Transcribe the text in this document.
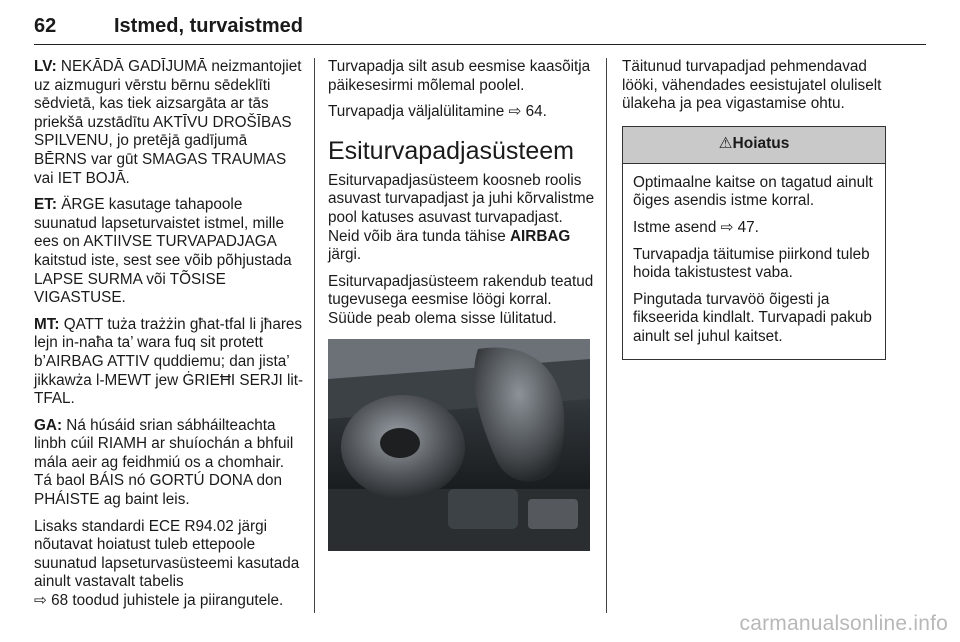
62	Istmed, turvaistmed

LV: NEKĀDĀ GADĪJUMĀ neizmantojiet uz aizmuguri vērstu bērnu sēdeklīti sēdvietā, kas tiek aizsargāta ar tās priekšā uzstādītu AKTĪVU DROŠĪBAS SPILVENU, jo pretējā gadījumā BĒRNS var gūt SMAGAS TRAUMAS vai IET BOJĀ.

ET: ÄRGE kasutage tahapoole suunatud lapseturvaistet istmel, mille ees on AKTIIVSE TURVAPADJAGA kaitstud iste, sest see võib põhjustada LAPSE SURMA või TÕSISE VIGASTUSE.

MT: QATT tuża trażżin għat-tfal li jħares lejn in-naħa ta’ wara fuq sit protett b’AIRBAG ATTIV quddiemu; dan jista’ jikkawża l-MEWT jew ĠRIEĦI SERJI lit-TFAL.

GA: Ná húsáid srian sábháilteachta linbh cúil RIAMH ar shuíochán a bhfuil mála aeir ag feidhmiú os a chomhair. Tá baol BÁIS nó GORTÚ DONA don PHÁISTE ag baint leis.

Lisaks standardi ECE R94.02 järgi nõutavat hoiatust tuleb ettepoole suunatud lapseturvasüsteemi kasutada ainult vastavalt tabelis
⇨ 68 toodud juhistele ja piirangutele.

Turvapadja silt asub eesmise kaasõitja päikesesirmi mõlemal poolel.

Turvapadja väljalülitamine ⇨ 64.

Esiturvapadjasüsteem

Esiturvapadjasüsteem koosneb roolis asuvast turvapadjast ja juhi kõrvalistme pool katuses asuvast turvapadjast. Neid võib ära tunda tähise AIRBAG järgi.

Esiturvapadjasüsteem rakendub teatud tugevusega eesmise löögi korral. Süüde peab olema sisse lülitatud.

Täitunud turvapadjad pehmendavad lööki, vähendades eesistujatel oluliselt ülakeha ja pea vigastamise ohtu.

⚠ Hoiatus

Optimaalne kaitse on tagatud ainult õiges asendis istme korral.

Istme asend ⇨ 47.

Turvapadja täitumise piirkond tuleb hoida takistustest vaba.

Pingutada turvavöö õigesti ja fikseerida kindlalt. Turvapadi pakub ainult sel juhul kaitset.

carmanualsonline.info
